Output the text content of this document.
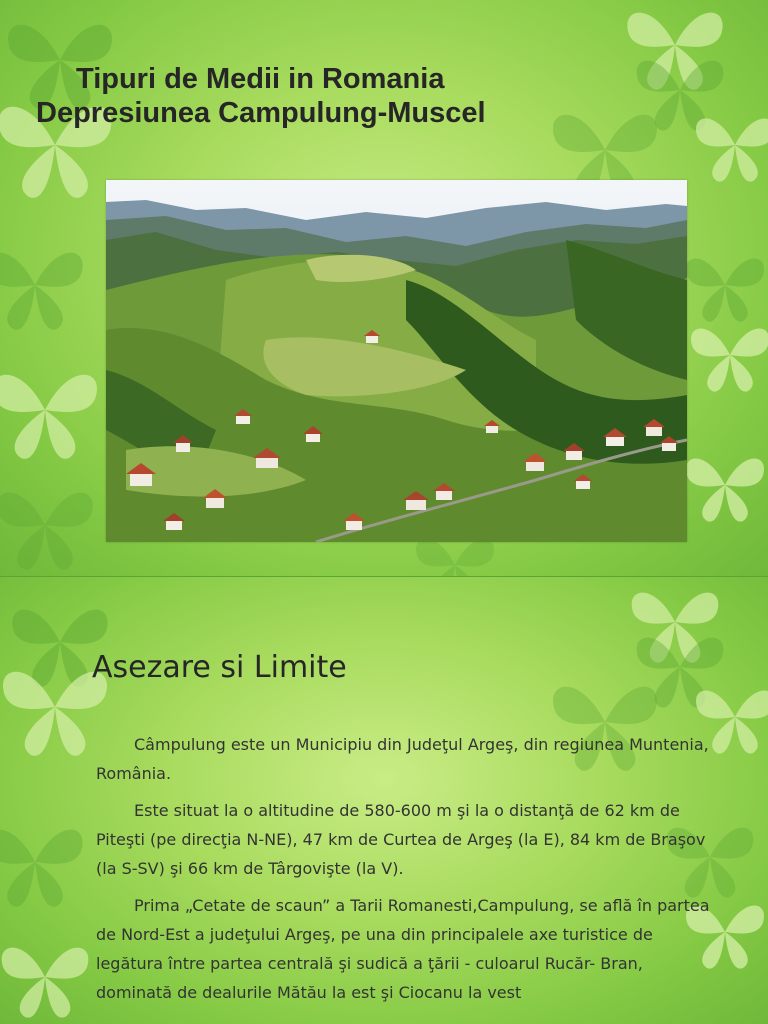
Tipuri de Medii in Romania
Depresiunea Campulung-Muscel
Asezare si Limite

Câmpulung este un Municipiu din Judeţul Argeş, din regiunea Muntenia, România.

Este situat la o altitudine de 580-600 m şi la o distanţă de 62 km de Piteşti (pe direcţia N-NE), 47 km de Curtea de Argeş (la E), 84 km de Braşov (la S-SV) şi 66 km de Târgovişte (la V).

Prima „Cetate de scaun” a Tarii Romanesti,Campulung, se află în partea de Nord-Est a judeţului Argeş, pe una din principalele axe turistice de legătura între partea centrală şi sudică a ţării - culoarul Rucăr- Bran, dominată de dealurile Mătău la est şi Ciocanu la vest
